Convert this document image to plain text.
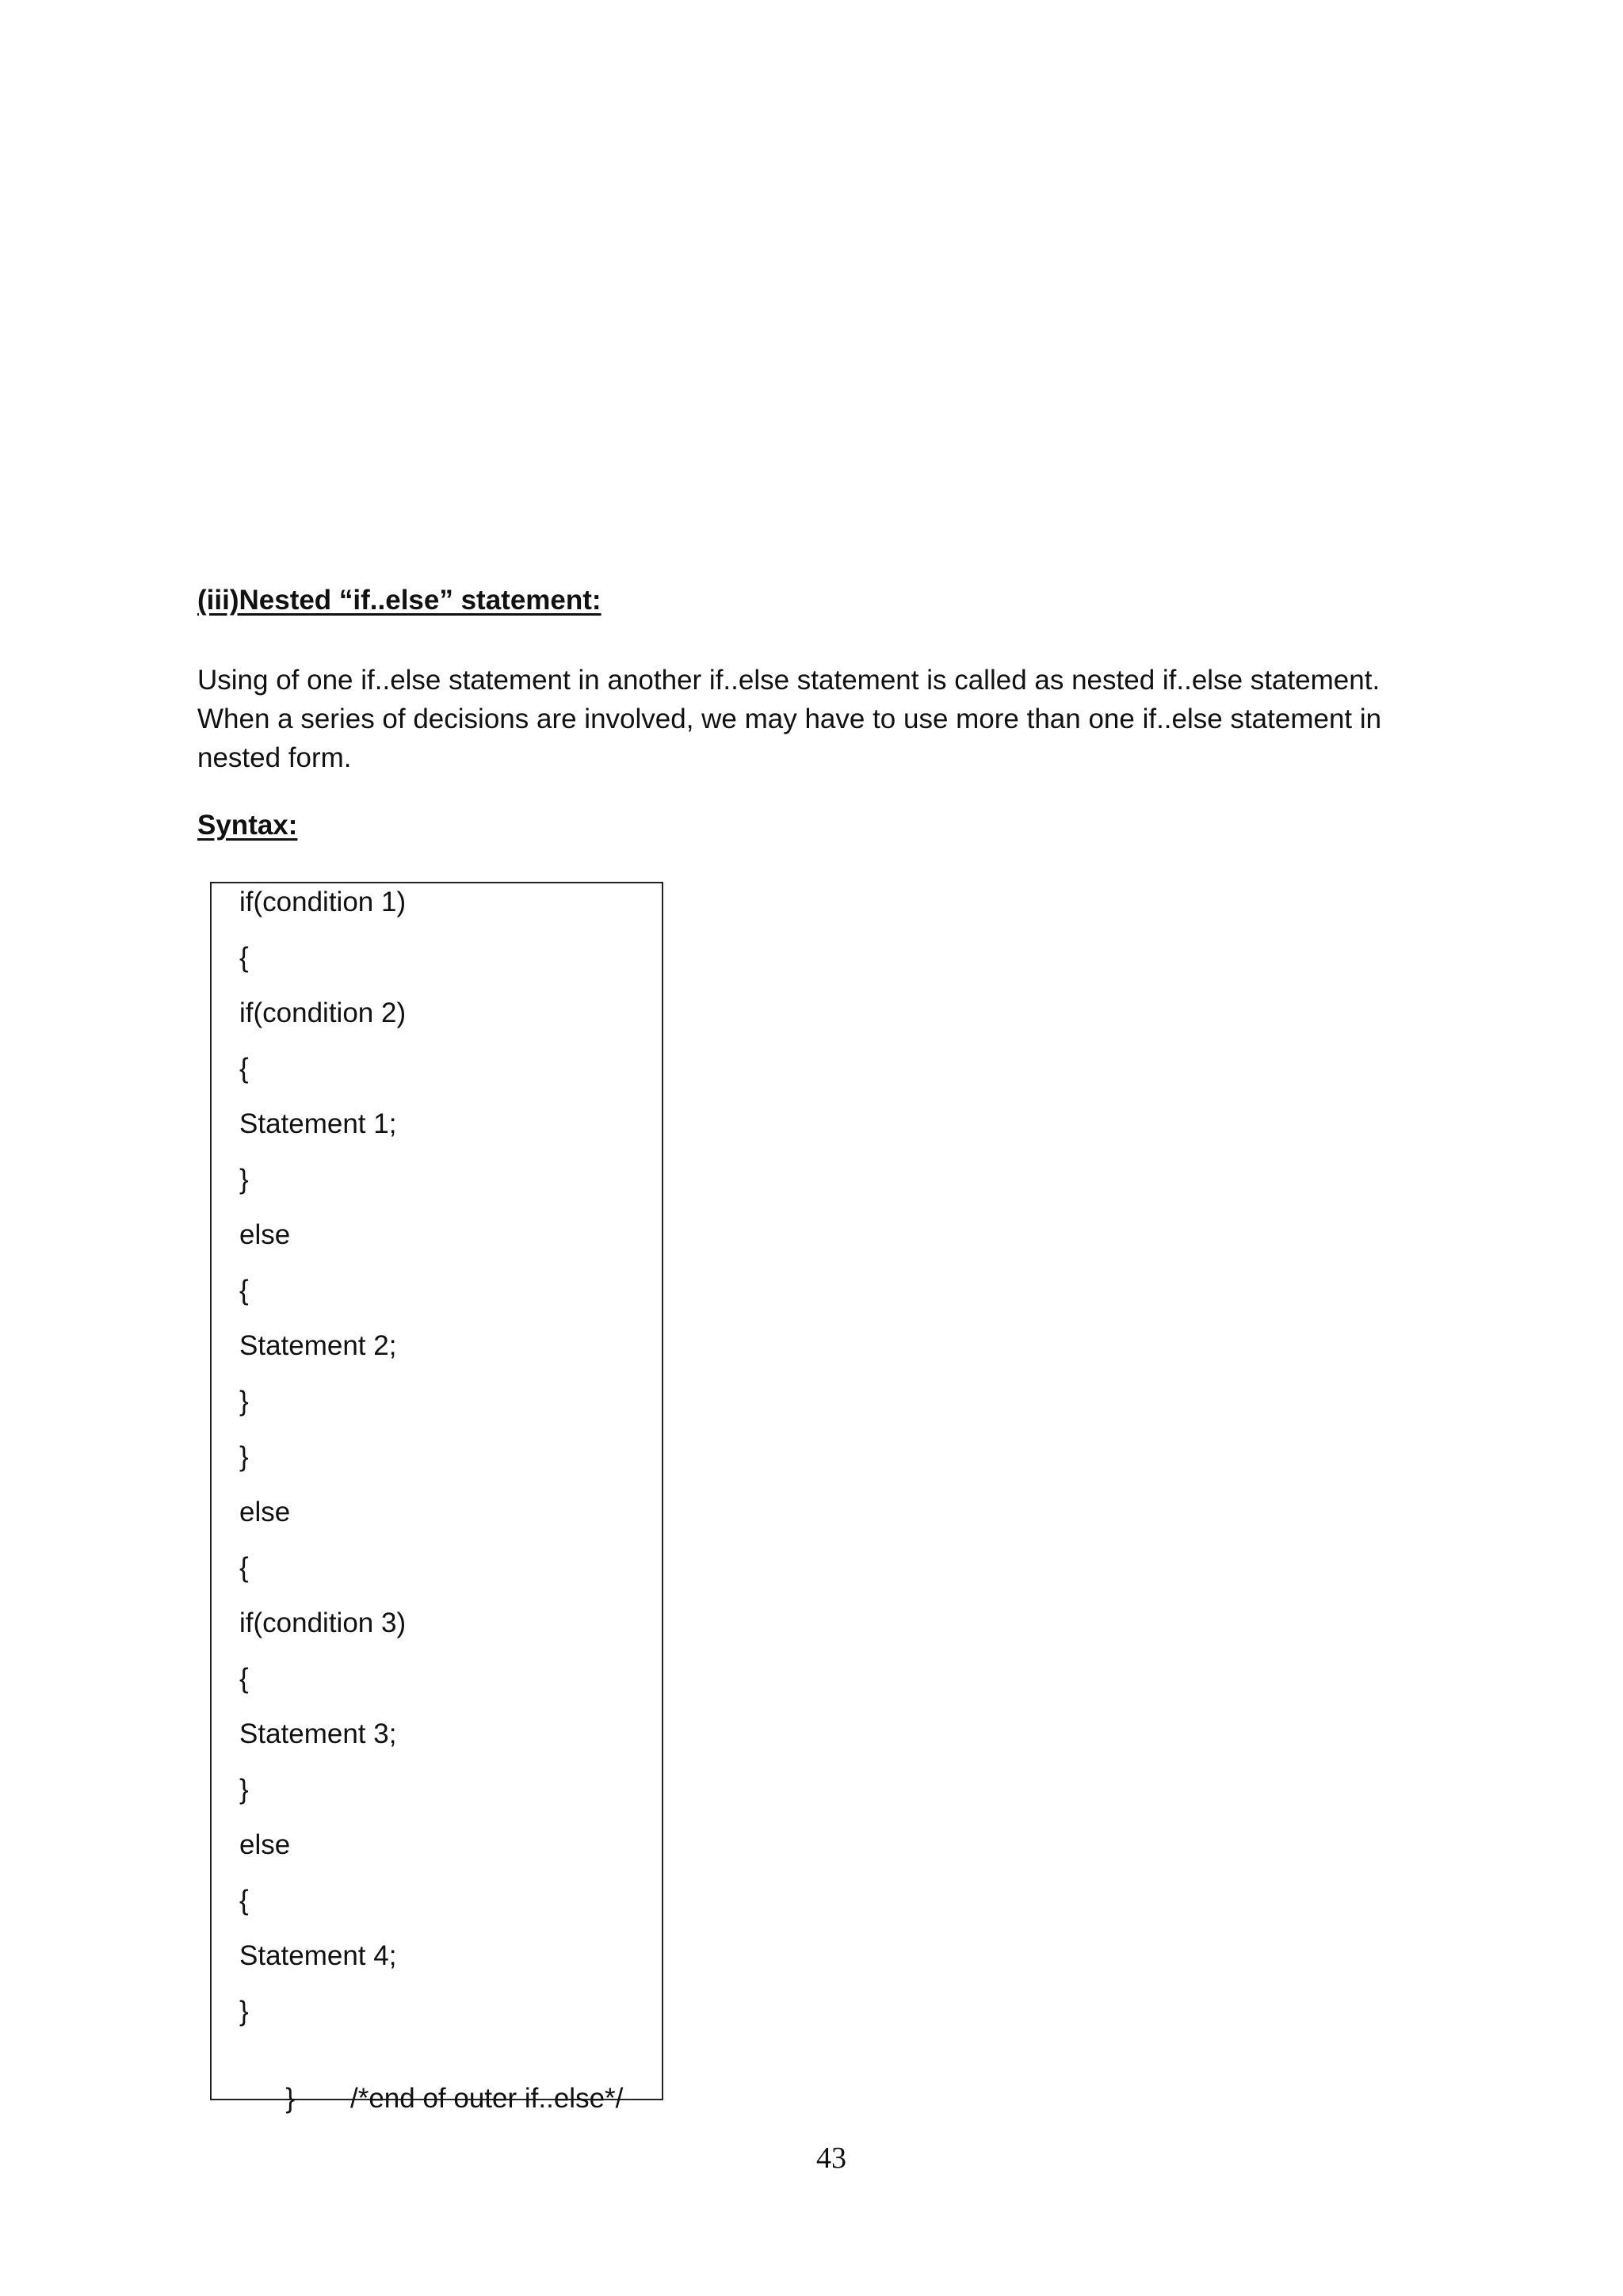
(iii)Nested “if..else” statement:

Using of one if..else statement in another if..else statement is called as nested if..else statement.
When a series of decisions are involved, we may have to use more than one if..else statement in
nested form.

Syntax:
if(condition 1)
{
if(condition 2)
{
Statement 1;
}
else
{
Statement 2;
}
}
else
{
if(condition 3)
{
Statement 3;
}
else
{
Statement 4;
}

} /*end of outer if..else*/

43
